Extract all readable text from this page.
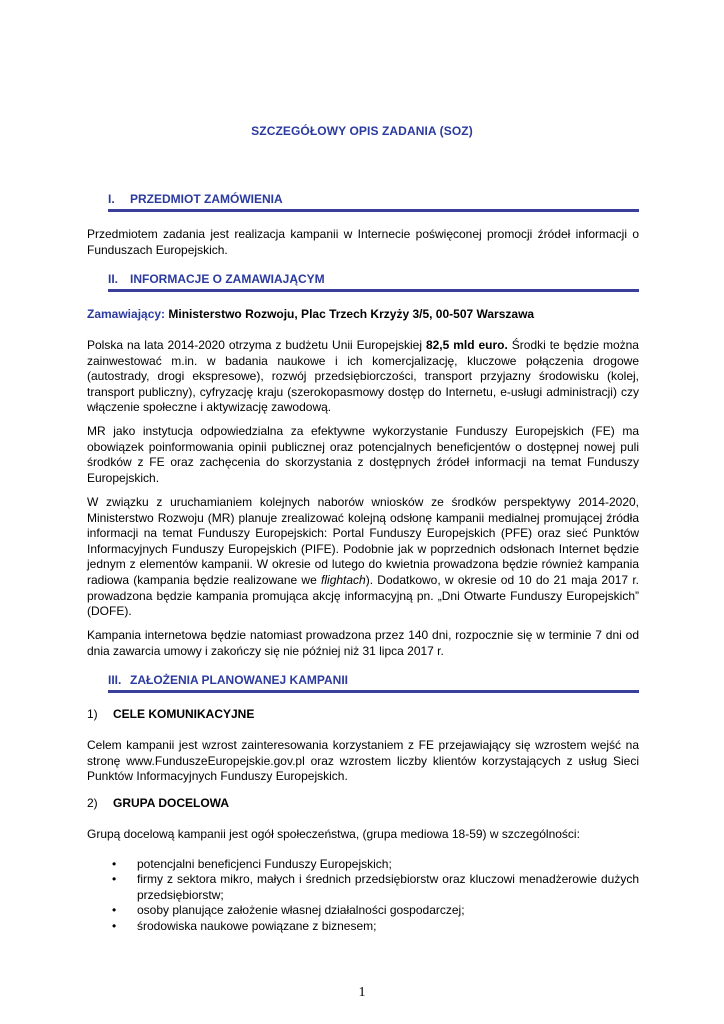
SZCZEGÓŁOWY OPIS ZADANIA (SOZ)
I. PRZEDMIOT ZAMÓWIENIA
Przedmiotem zadania jest realizacja kampanii w Internecie poświęconej promocji źródeł informacji o Funduszach Europejskich.
II. INFORMACJE O ZAMAWIAJĄCYM
Zamawiający: Ministerstwo Rozwoju, Plac Trzech Krzyży 3/5, 00-507 Warszawa
Polska na lata 2014-2020 otrzyma z budżetu Unii Europejskiej 82,5 mld euro. Środki te będzie można zainwestować m.in. w badania naukowe i ich komercjalizację, kluczowe połączenia drogowe (autostrady, drogi ekspresowe), rozwój przedsiębiorczości, transport przyjazny środowisku (kolej, transport publiczny), cyfryzację kraju (szerokopasmowy dostęp do Internetu, e-usługi administracji) czy włączenie społeczne i aktywizację zawodową.
MR jako instytucja odpowiedzialna za efektywne wykorzystanie Funduszy Europejskich (FE) ma obowiązek poinformowania opinii publicznej oraz potencjalnych beneficjentów o dostępnej nowej puli środków z FE oraz zachęcenia do skorzystania z dostępnych źródeł informacji na temat Funduszy Europejskich.
W związku z uruchamianiem kolejnych naborów wniosków ze środków perspektywy 2014-2020, Ministerstwo Rozwoju (MR) planuje zrealizować kolejną odsłonę kampanii medialnej promującej źródła informacji na temat Funduszy Europejskich: Portal Funduszy Europejskich (PFE) oraz sieć Punktów Informacyjnych Funduszy Europejskich (PIFE). Podobnie jak w poprzednich odsłonach Internet będzie jednym z elementów kampanii. W okresie od lutego do kwietnia prowadzona będzie również kampania radiowa (kampania będzie realizowane we flightach). Dodatkowo, w okresie od 10 do 21 maja 2017 r. prowadzona będzie kampania promująca akcję informacyjną pn. „Dni Otwarte Funduszy Europejskich” (DOFE).
Kampania internetowa będzie natomiast prowadzona przez 140 dni, rozpocznie się w terminie 7 dni od dnia zawarcia umowy i zakończy się nie później niż 31 lipca 2017 r.
III. ZAŁOŻENIA PLANOWANEJ KAMPANII
1) CELE KOMUNIKACYJNE
Celem kampanii jest wzrost zainteresowania korzystaniem z FE przejawiający się wzrostem wejść na stronę www.FunduszeEuropejskie.gov.pl oraz wzrostem liczby klientów korzystających z usług Sieci Punktów Informacyjnych Funduszy Europejskich.
2) GRUPA DOCELOWA
Grupą docelową kampanii jest ogół społeczeństwa, (grupa mediowa 18-59) w szczególności:
• potencjalni beneficjenci Funduszy Europejskich;
• firmy z sektora mikro, małych i średnich przedsiębiorstw oraz kluczowi menadżerowie dużych przedsiębiorstw;
• osoby planujące założenie własnej działalności gospodarczej;
• środowiska naukowe powiązane z biznesem;
1
